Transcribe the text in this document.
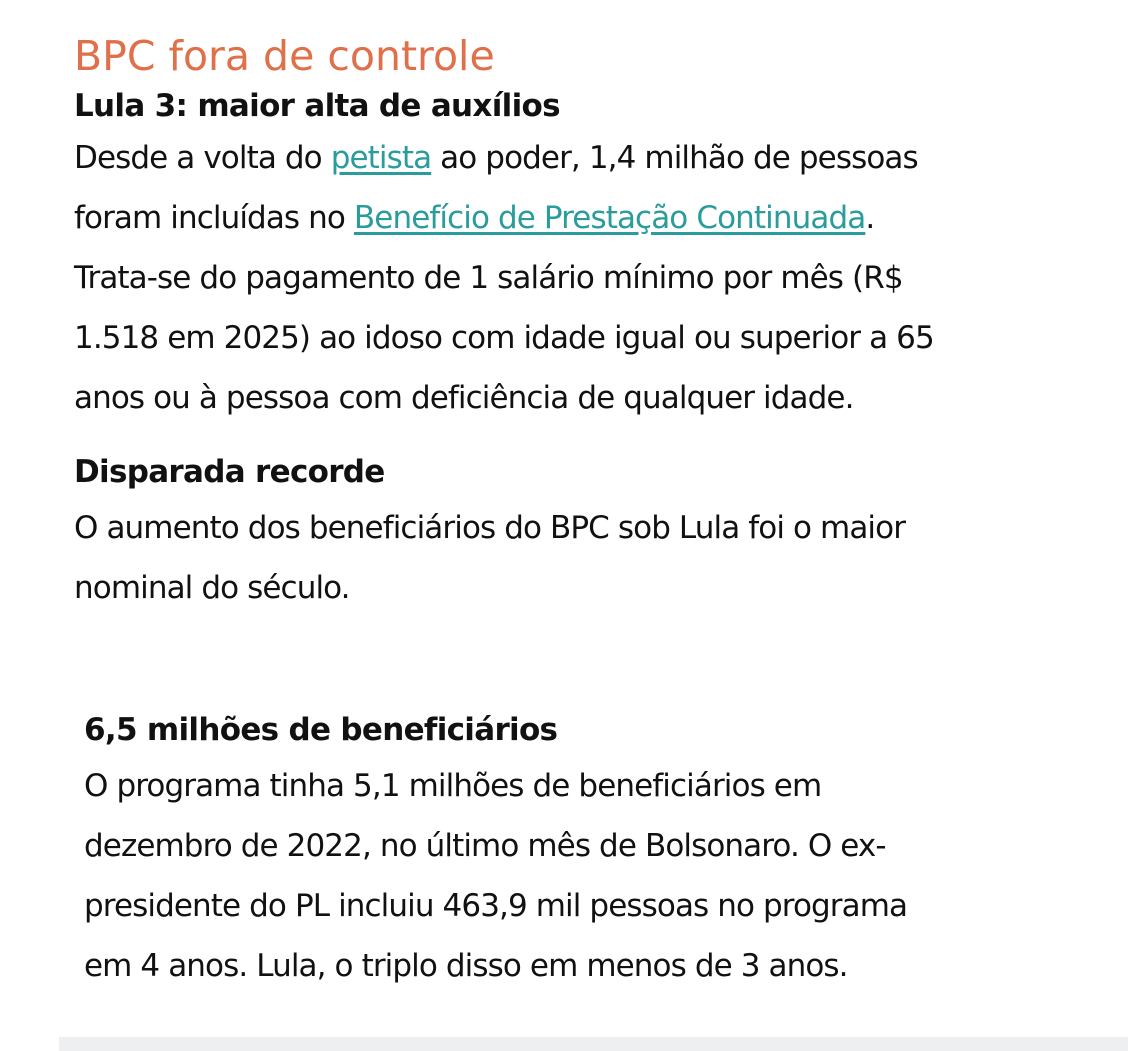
BPC fora de controle
Lula 3: maior alta de auxílios

Desde a volta do petista ao poder, 1,4 milhão de pessoas
foram incluídas no Benefício de Prestação Continuada.
Trata-se do pagamento de 1 salário mínimo por mês (R$
1.518 em 2025) ao idoso com idade igual ou superior a 65
anos ou à pessoa com deficiência de qualquer idade.

Disparada recorde

O aumento dos beneficiários do BPC sob Lula foi o maior
nominal do século.

6,5 milhões de beneficiários

O programa tinha 5,1 milhões de beneficiários em
dezembro de 2022, no último mês de Bolsonaro. O ex-
presidente do PL incluiu 463,9 mil pessoas no programa
em 4 anos. Lula, o triplo disso em menos de 3 anos.
